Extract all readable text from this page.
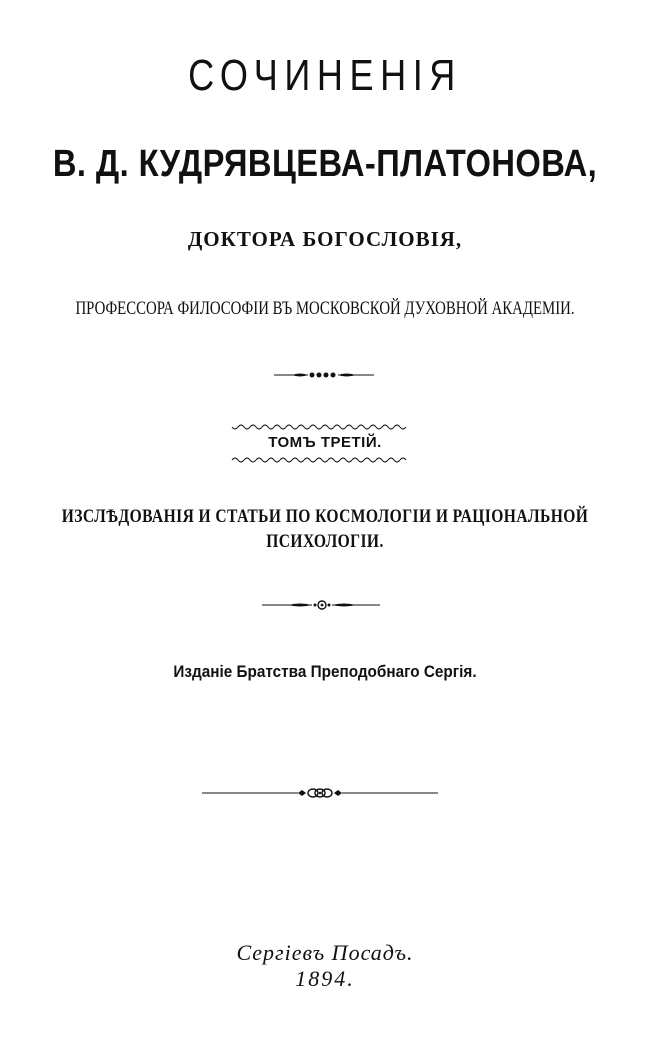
СОЧИНЕНІЯ
В. Д. КУДРЯВЦЕВА-ПЛАТОНОВА,
ДОКТОРА БОГОСЛОВІЯ,
ПРОФЕССОРА ФИЛОСОФІИ ВЪ МОСКОВСКОЙ ДУХОВНОЙ АКАДЕМІИ.
ТОМЪ ТРЕТІЙ.
ИЗСЛѢДОВАНІЯ И СТАТЬИ ПО КОСМОЛОГІИ И РАЦІОНАЛЬНОЙ
ПСИХОЛОГІИ.
Изданіе Братства Преподобнаго Сергія.
Сергіевъ Посадъ.
1894.
